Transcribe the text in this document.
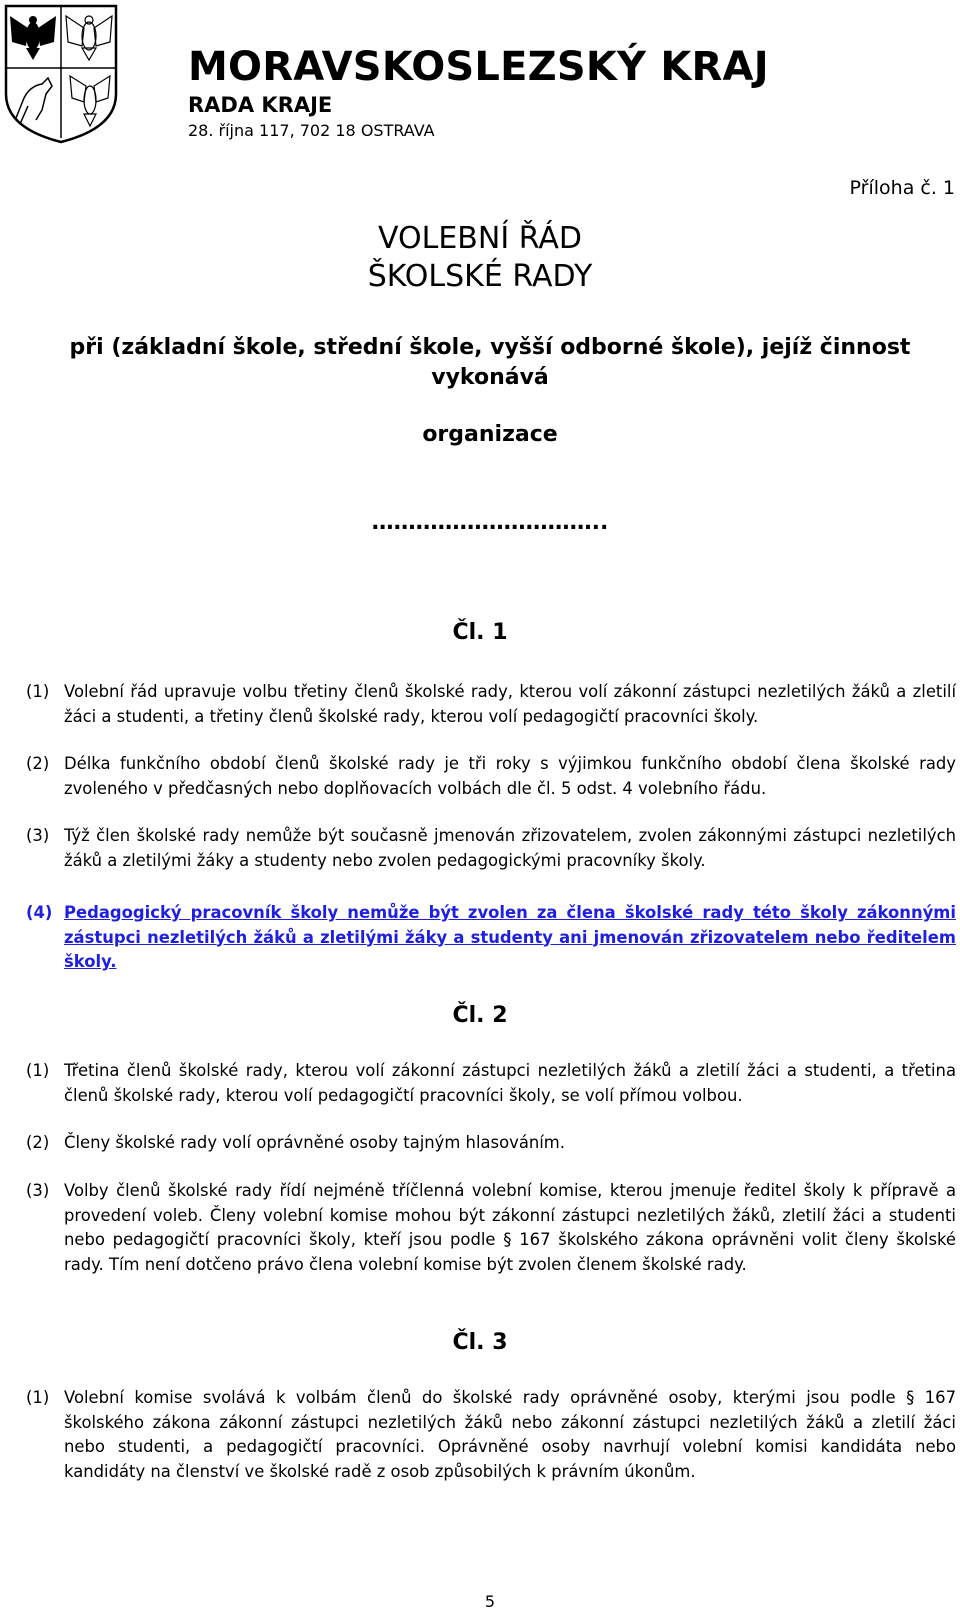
MORAVSKOSLEZSKÝ KRAJ
RADA KRAJE
28. října 117, 702 18 OSTRAVA
Příloha č. 1
VOLEBNÍ ŘÁD
ŠKOLSKÉ RADY
při (základní škole, střední škole, vyšší odborné škole), jejíž činnost
vykonává
organizace
…………………………..
Čl. 1
(1) Volební řád upravuje volbu třetiny členů školské rady, kterou volí zákonní zástupci nezletilých žáků a zletilí žáci a studenti, a třetiny členů školské rady, kterou volí pedagogičtí pracovníci školy.
(2) Délka funkčního období členů školské rady je tři roky s výjimkou funkčního období člena školské rady zvoleného v předčasných nebo doplňovacích volbách dle čl. 5 odst. 4 volebního řádu.
(3) Týž člen školské rady nemůže být současně jmenován zřizovatelem, zvolen zákonnými zástupci nezletilých žáků a zletilými žáky a studenty nebo zvolen pedagogickými pracovníky školy.
(4) Pedagogický pracovník školy nemůže být zvolen za člena školské rady této školy zákonnými zástupci nezletilých žáků a zletilými žáky a studenty ani jmenován zřizovatelem nebo ředitelem školy.
Čl. 2
(1) Třetina členů školské rady, kterou volí zákonní zástupci nezletilých žáků a zletilí žáci a studenti, a třetina členů školské rady, kterou volí pedagogičtí pracovníci školy, se volí přímou volbou.
(2) Členy školské rady volí oprávněné osoby tajným hlasováním.
(3) Volby členů školské rady řídí nejméně tříčlenná volební komise, kterou jmenuje ředitel školy k přípravě a provedení voleb. Členy volební komise mohou být zákonní zástupci nezletilých žáků, zletilí žáci a studenti nebo pedagogičtí pracovníci školy, kteří jsou podle § 167 školského zákona oprávněni volit členy školské rady. Tím není dotčeno právo člena volební komise být zvolen členem školské rady.
Čl. 3
(1) Volební komise svolává k volbám členů do školské rady oprávněné osoby, kterými jsou podle § 167 školského zákona zákonní zástupci nezletilých žáků nebo zákonní zástupci nezletilých žáků a zletilí žáci nebo studenti, a pedagogičtí pracovníci. Oprávněné osoby navrhují volební komisi kandidáta nebo kandidáty na členství ve školské radě z osob způsobilých k právním úkonům.
5
